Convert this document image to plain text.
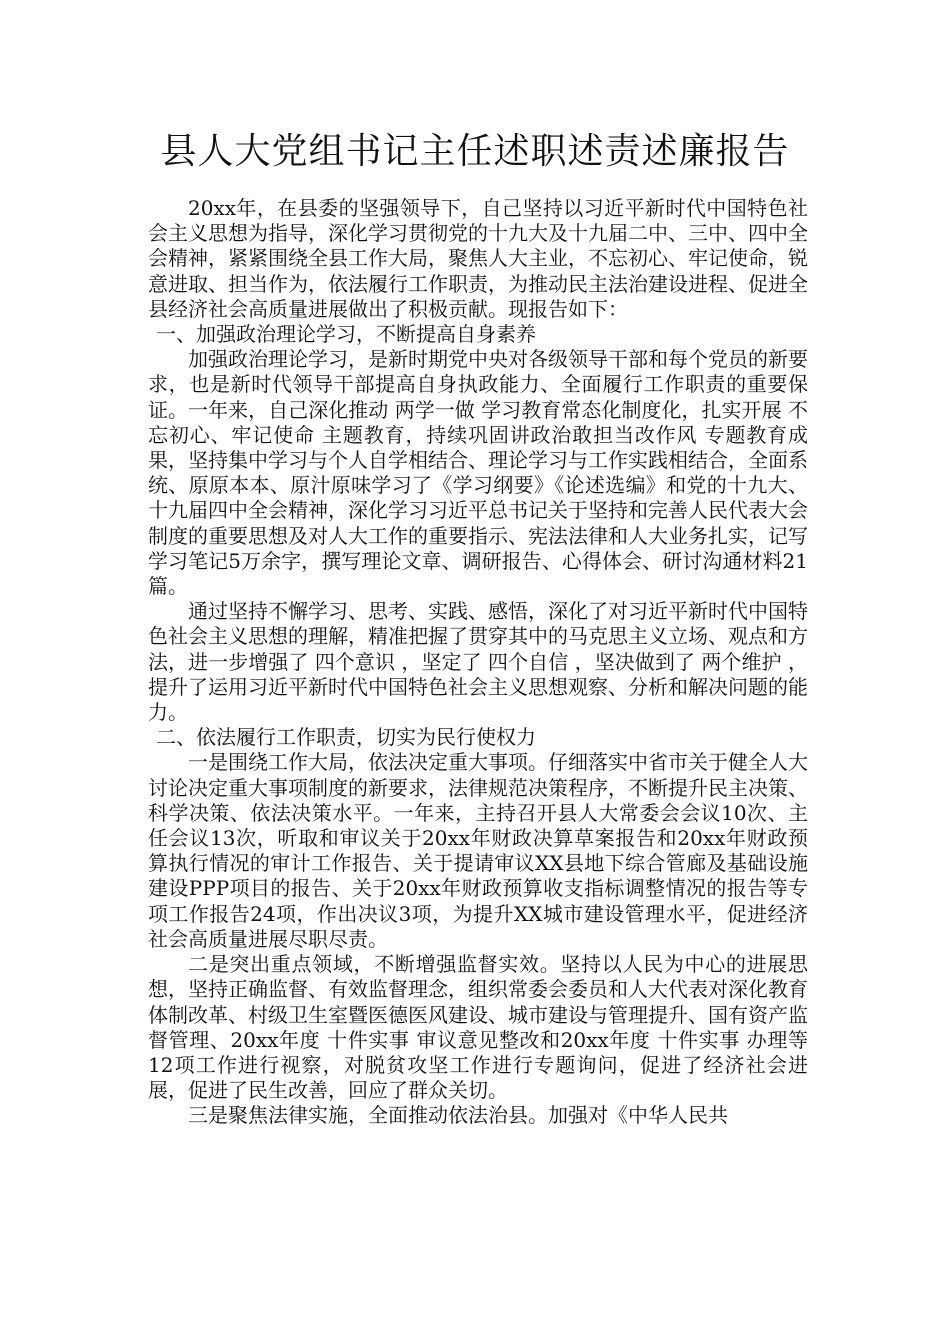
县人大党组书记主任述职述责述廉报告

20xx年，在县委的坚强领导下，自己坚持以习近平新时代中国特色社会主义思想为指导，深化学习贯彻党的十九大及十九届二中、三中、四中全会精神，紧紧围绕全县工作大局，聚焦人大主业，不忘初心、牢记使命，锐意进取、担当作为，依法履行工作职责，为推动民主法治建设进程、促进全县经济社会高质量进展做出了积极贡献。现报告如下：

一、加强政治理论学习，不断提高自身素养

加强政治理论学习，是新时期党中央对各级领导干部和每个党员的新要求，也是新时代领导干部提高自身执政能力、全面履行工作职责的重要保证。一年来，自己深化推动 两学一做 学习教育常态化制度化，扎实开展 不忘初心、牢记使命 主题教育，持续巩固讲政治敢担当改作风 专题教育成果，坚持集中学习与个人自学相结合、理论学习与工作实践相结合，全面系统、原原本本、原汁原味学习了《学习纲要》《论述选编》和党的十九大、十九届四中全会精神，深化学习习近平总书记关于坚持和完善人民代表大会制度的重要思想及对人大工作的重要指示、宪法法律和人大业务扎实，记写学习笔记5万余字，撰写理论文章、调研报告、心得体会、研讨沟通材料21篇。

通过坚持不懈学习、思考、实践、感悟，深化了对习近平新时代中国特色社会主义思想的理解，精准把握了贯穿其中的马克思主义立场、观点和方法，进一步增强了 四个意识 ，坚定了 四个自信 ，坚决做到了 两个维护 ，提升了运用习近平新时代中国特色社会主义思想观察、分析和解决问题的能力。

二、依法履行工作职责，切实为民行使权力

一是围绕工作大局，依法决定重大事项。仔细落实中省市关于健全人大讨论决定重大事项制度的新要求，法律规范决策程序，不断提升民主决策、科学决策、依法决策水平。一年来，主持召开县人大常委会会议10次、主任会议13次，听取和审议关于20xx年财政决算草案报告和20xx年财政预算执行情况的审计工作报告、关于提请审议XX县地下综合管廊及基础设施建设PPP项目的报告、关于20xx年财政预算收支指标调整情况的报告等专项工作报告24项，作出决议3项，为提升XX城市建设管理水平，促进经济社会高质量进展尽职尽责。

二是突出重点领域，不断增强监督实效。坚持以人民为中心的进展思想，坚持正确监督、有效监督理念，组织常委会委员和人大代表对深化教育体制改革、村级卫生室暨医德医风建设、城市建设与管理提升、国有资产监督管理、20xx年度 十件实事 审议意见整改和20xx年度 十件实事 办理等12项工作进行视察，对脱贫攻坚工作进行专题询问，促进了经济社会进展，促进了民生改善，回应了群众关切。

三是聚焦法律实施，全面推动依法治县。加强对《中华人民共
